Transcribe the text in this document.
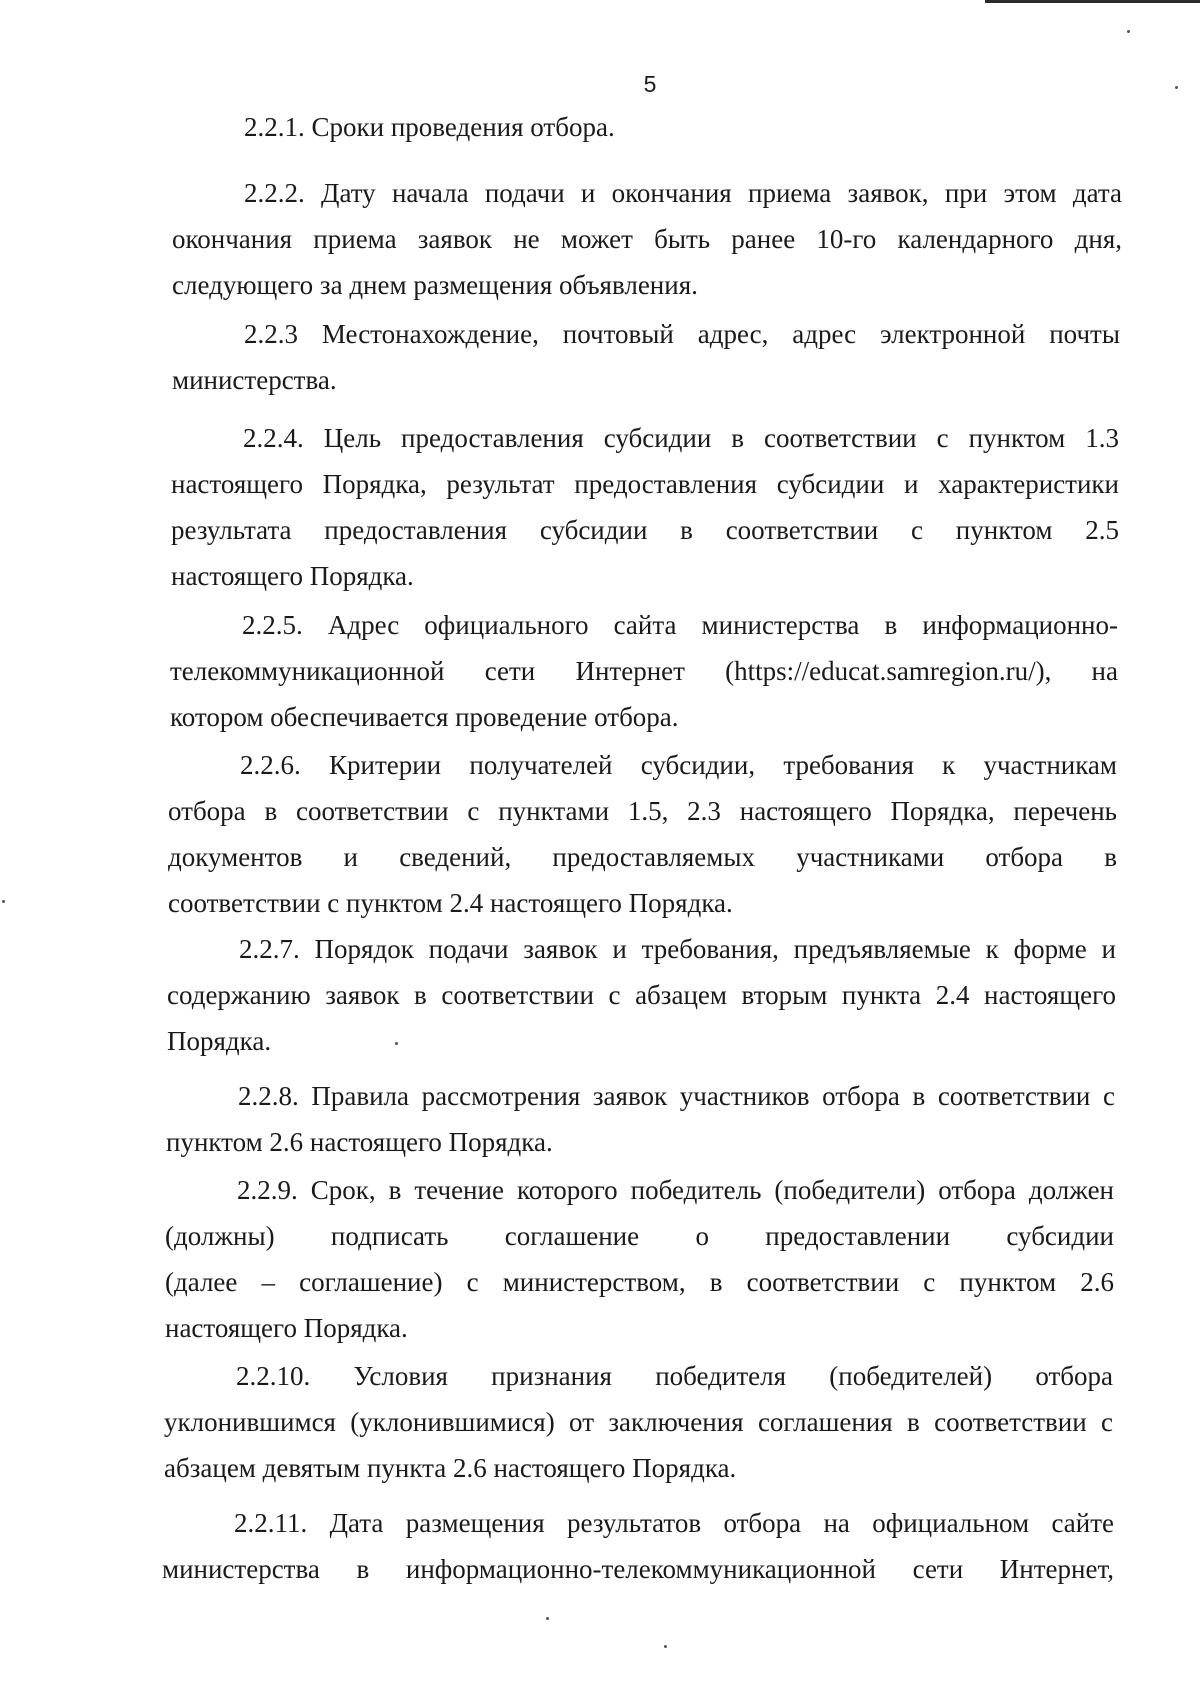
5
2.2.1. Сроки проведения отбора.
2.2.2. Дату начала подачи и окончания приема заявок, при этом дата
окончания приема заявок не может быть ранее 10-го календарного дня,
следующего за днем размещения объявления.
2.2.3 Местонахождение, почтовый адрес, адрес электронной почты
министерства.
2.2.4. Цель предоставления субсидии в соответствии с пунктом 1.3
настоящего Порядка, результат предоставления субсидии и характеристики
результата предоставления субсидии в соответствии с пунктом 2.5
настоящего Порядка.
2.2.5. Адрес официального сайта министерства в информационно-
телекоммуникационной сети Интернет (https://educat.samregion.ru/), на
котором обеспечивается проведение отбора.
2.2.6. Критерии получателей субсидии, требования к участникам
отбора в соответствии с пунктами 1.5, 2.3 настоящего Порядка, перечень
документов и сведений, предоставляемых участниками отбора в
соответствии с пунктом 2.4 настоящего Порядка.
2.2.7. Порядок подачи заявок и требования, предъявляемые к форме и
содержанию заявок в соответствии с абзацем вторым пункта 2.4 настоящего
Порядка.
2.2.8. Правила рассмотрения заявок участников отбора в соответствии с
пунктом 2.6 настоящего Порядка.
2.2.9. Срок, в течение которого победитель (победители) отбора должен
(должны) подписать соглашение о предоставлении субсидии
(далее – соглашение) с министерством, в соответствии с пунктом 2.6
настоящего Порядка.
2.2.10. Условия признания победителя (победителей) отбора
уклонившимся (уклонившимися) от заключения соглашения в соответствии с
абзацем девятым пункта 2.6 настоящего Порядка.
2.2.11. Дата размещения результатов отбора на официальном сайте
министерства в информационно-телекоммуникационной сети Интернет,
